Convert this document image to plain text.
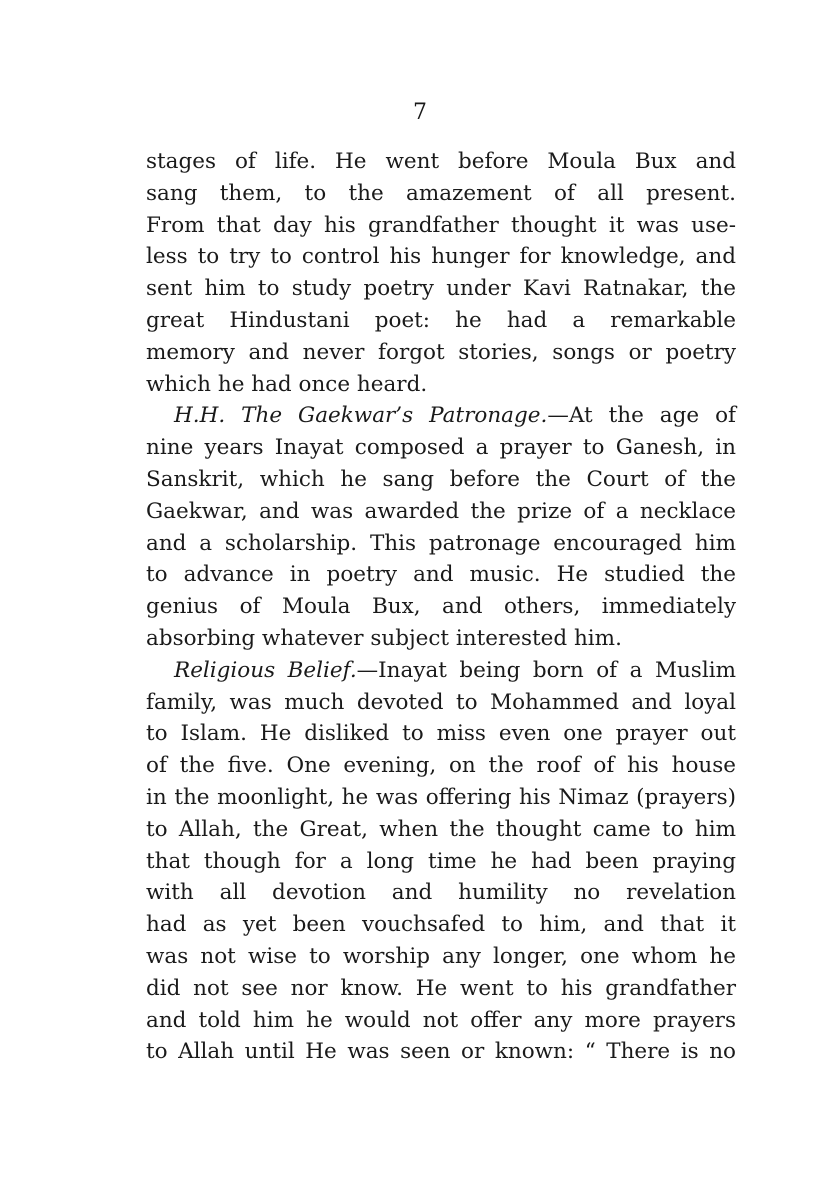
7
stages of life. He went before Moula Bux and
sang them, to the amazement of all present.
From that day his grandfather thought it was use-
less to try to control his hunger for knowledge, and
sent him to study poetry under Kavi Ratnakar, the
great Hindustani poet: he had a remarkable
memory and never forgot stories, songs or poetry
which he had once heard.
H.H. The Gaekwar’s Patronage.—At the age of
nine years Inayat composed a prayer to Ganesh, in
Sanskrit, which he sang before the Court of the
Gaekwar, and was awarded the prize of a necklace
and a scholarship. This patronage encouraged him
to advance in poetry and music. He studied the
genius of Moula Bux, and others, immediately
absorbing whatever subject interested him.
Religious Belief.—Inayat being born of a Muslim
family, was much devoted to Mohammed and loyal
to Islam. He disliked to miss even one prayer out
of the five. One evening, on the roof of his house
in the moonlight, he was offering his Nimaz (prayers)
to Allah, the Great, when the thought came to him
that though for a long time he had been praying
with all devotion and humility no revelation
had as yet been vouchsafed to him, and that it
was not wise to worship any longer, one whom he
did not see nor know. He went to his grandfather
and told him he would not offer any more prayers
to Allah until He was seen or known: “ There is no
